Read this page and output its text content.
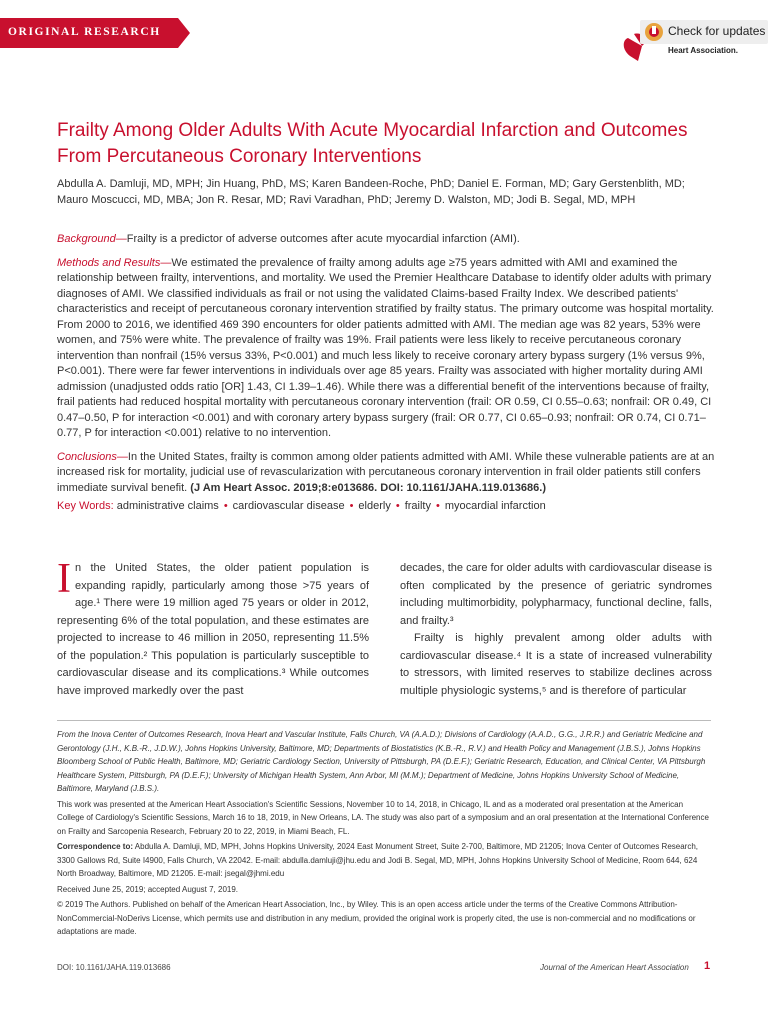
ORIGINAL RESEARCH
Heart Association.
Check for updates
Frailty Among Older Adults With Acute Myocardial Infarction and Outcomes From Percutaneous Coronary Interventions
Abdulla A. Damluji, MD, MPH; Jin Huang, PhD, MS; Karen Bandeen-Roche, PhD; Daniel E. Forman, MD; Gary Gerstenblith, MD; Mauro Moscucci, MD, MBA; Jon R. Resar, MD; Ravi Varadhan, PhD; Jeremy D. Walston, MD; Jodi B. Segal, MD, MPH

Background—Frailty is a predictor of adverse outcomes after acute myocardial infarction (AMI).

Methods and Results—We estimated the prevalence of frailty among adults age ≥75 years admitted with AMI and examined the relationship between frailty, interventions, and mortality. We used the Premier Healthcare Database to identify older adults with primary diagnoses of AMI. We classified individuals as frail or not using the validated Claims-based Frailty Index. We described patients' characteristics and receipt of percutaneous coronary intervention stratified by frailty status. The primary outcome was hospital mortality. From 2000 to 2016, we identified 469 390 encounters for older patients admitted with AMI. The median age was 82 years, 53% were women, and 75% were white. The prevalence of frailty was 19%. Frail patients were less likely to receive percutaneous coronary intervention than nonfrail (15% versus 33%, P<0.001) and much less likely to receive coronary artery bypass surgery (1% versus 9%, P<0.001). There were far fewer interventions in individuals over age 85 years. Frailty was associated with higher mortality during AMI admission (unadjusted odds ratio [OR] 1.43, CI 1.39–1.46). While there was a differential benefit of the interventions because of frailty, frail patients had reduced hospital mortality with percutaneous coronary intervention (frail: OR 0.59, CI 0.55–0.63; nonfrail: OR 0.49, CI 0.47–0.50, P for interaction <0.001) and with coronary artery bypass surgery (frail: OR 0.77, CI 0.65–0.93; nonfrail: OR 0.74, CI 0.71–0.77, P for interaction <0.001) relative to no intervention.

Conclusions—In the United States, frailty is common among older patients admitted with AMI. While these vulnerable patients are at an increased risk for mortality, judicial use of revascularization with percutaneous coronary intervention in frail older patients still confers immediate survival benefit. (J Am Heart Assoc. 2019;8:e013686. DOI: 10.1161/JAHA.119.013686.)

Key Words: administrative claims • cardiovascular disease • elderly • frailty • myocardial infarction

In the United States, the older patient population is expanding rapidly, particularly among those >75 years of age.¹ There were 19 million aged 75 years or older in 2012, representing 6% of the total population, and these estimates are projected to increase to 46 million in 2050, representing 11.5% of the population.² This population is particularly susceptible to cardiovascular disease and its complications.³ While outcomes have improved markedly over the past

decades, the care for older adults with cardiovascular disease is often complicated by the presence of geriatric syndromes including multimorbidity, polypharmacy, functional decline, falls, and frailty.³

Frailty is highly prevalent among older adults with cardiovascular disease.⁴ It is a state of increased vulnerability to stressors, with limited reserves to stabilize declines across multiple physiologic systems,⁵ and is therefore of particular

From the Inova Center of Outcomes Research, Inova Heart and Vascular Institute, Falls Church, VA (A.A.D.); Divisions of Cardiology (A.A.D., G.G., J.R.R.) and Geriatric Medicine and Gerontology (J.H., K.B.-R., J.D.W.), Johns Hopkins University, Baltimore, MD; Departments of Biostatistics (K.B.-R., R.V.) and Health Policy and Management (J.B.S.), Johns Hopkins Bloomberg School of Public Health, Baltimore, MD; Geriatric Cardiology Section, University of Pittsburgh, PA (D.E.F.); Geriatric Research, Education, and Clinical Center, VA Pittsburgh Healthcare System, Pittsburgh, PA (D.E.F.); University of Michigan Health System, Ann Arbor, MI (M.M.); Department of Medicine, Johns Hopkins University School of Medicine, Baltimore, Maryland (J.B.S.).

This work was presented at the American Heart Association's Scientific Sessions, November 10 to 14, 2018, in Chicago, IL and as a moderated oral presentation at the American College of Cardiology's Scientific Sessions, March 16 to 18, 2019, in New Orleans, LA. The study was also part of a symposium and an oral presentation at the International Conference on Frailty and Sarcopenia Research, February 20 to 22, 2019, in Miami Beach, FL.

Correspondence to: Abdulla A. Damluji, MD, MPH, Johns Hopkins University, 2024 East Monument Street, Suite 2-700, Baltimore, MD 21205; Inova Center of Outcomes Research, 3300 Gallows Rd, Suite I4900, Falls Church, VA 22042. E-mail: abdulla.damluji@jhu.edu and Jodi B. Segal, MD, MPH, Johns Hopkins University School of Medicine, Room 644, 624 North Broadway, Baltimore, MD 21205. E-mail: jsegal@jhmi.edu

Received June 25, 2019; accepted August 7, 2019.

© 2019 The Authors. Published on behalf of the American Heart Association, Inc., by Wiley. This is an open access article under the terms of the Creative Commons Attribution-NonCommercial-NoDerivs License, which permits use and distribution in any medium, provided the original work is properly cited, the use is non-commercial and no modifications or adaptations are made.

DOI: 10.1161/JAHA.119.013686	Journal of the American Heart Association 1
